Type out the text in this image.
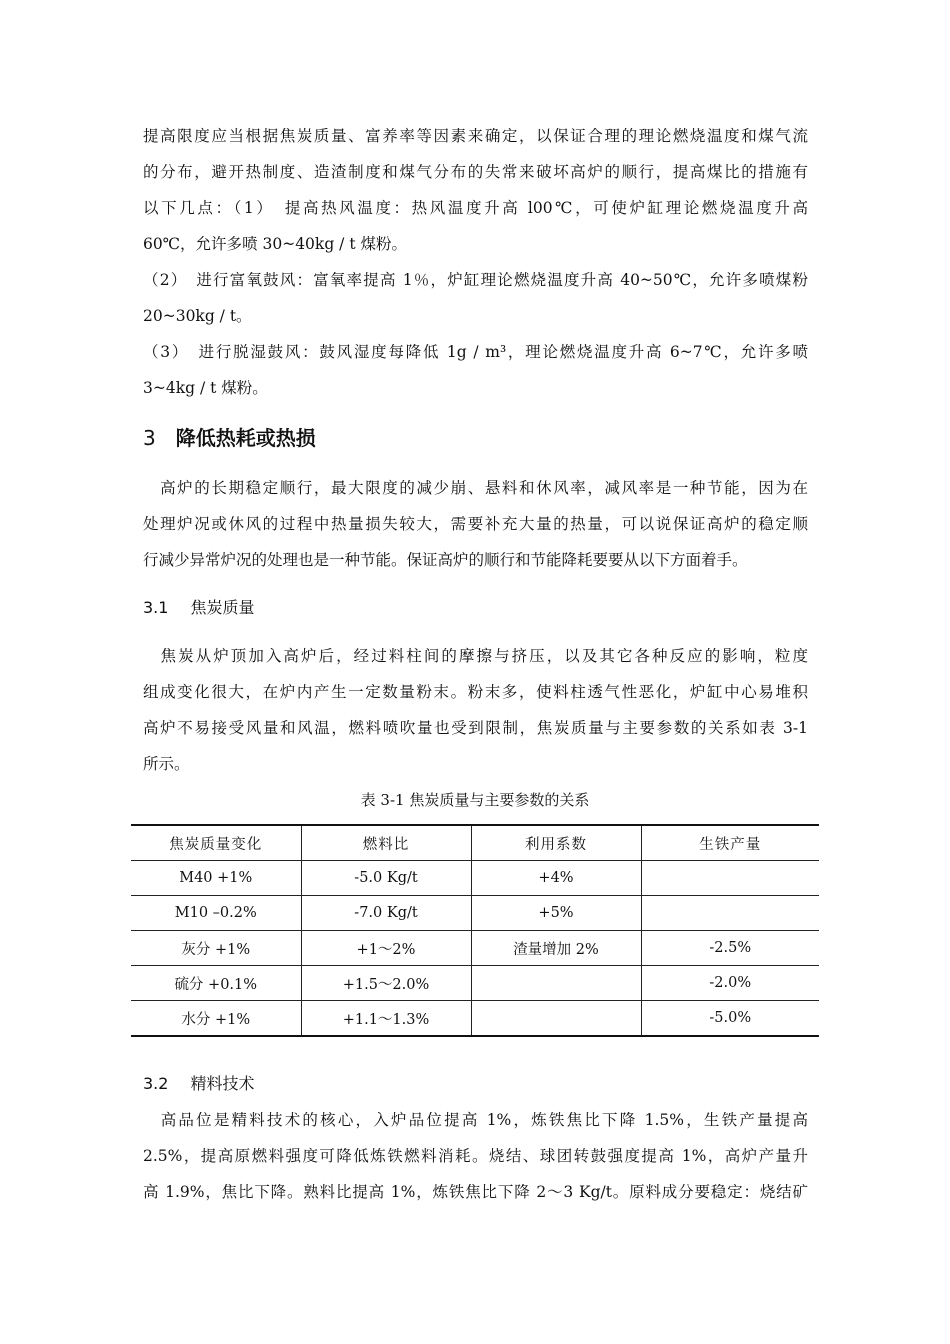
提高限度应当根据焦炭质量、富养率等因素来确定，以保证合理的理论燃烧温度和煤气流
的分布，避开热制度、造渣制度和煤气分布的失常来破坏高炉的顺行，提高煤比的措施有
以下几点：（1）　提高热风温度：热风温度升高 l00℃，可使炉缸理论燃烧温度升高
60℃，允许多喷 30~40kg / t 煤粉。

（2）　进行富氧鼓风：富氧率提高 1％，炉缸理论燃烧温度升高 40~50℃，允许多喷煤粉
20~30kg / t。

（3）　进行脱湿鼓风：鼓风湿度每降低 1g / m³，理论燃烧温度升高 6~7℃，允许多喷
3~4kg / t 煤粉。

3 降低热耗或热损

　高炉的长期稳定顺行，最大限度的减少崩、悬料和休风率，减风率是一种节能，因为在
处理炉况或休风的过程中热量损失较大，需要补充大量的热量，可以说保证高炉的稳定顺
行减少异常炉况的处理也是一种节能。保证高炉的顺行和节能降耗要要从以下方面着手。

3.1 焦炭质量

　焦炭从炉顶加入高炉后，经过料柱间的摩擦与挤压，以及其它各种反应的影响，粒度
组成变化很大，在炉内产生一定数量粉末。粉末多，使料柱透气性恶化，炉缸中心易堆积
高炉不易接受风量和风温，燃料喷吹量也受到限制，焦炭质量与主要参数的关系如表 3-1
所示。

表 3-1 焦炭质量与主要参数的关系
焦炭质量变化	燃料比	利用系数	生铁产量
M40 +1%	-5.0 Kg/t	+4%	
M10 –0.2%	-7.0 Kg/t	+5%	
灰分 +1%	+1～2%	渣量增加 2%	-2.5%
硫分 +0.1%	+1.5～2.0%		-2.0%
水分 +1%	+1.1～1.3%		-5.0%
3.2 精料技术

　高品位是精料技术的核心，入炉品位提高 1%，炼铁焦比下降 1.5%，生铁产量提高
2.5%，提高原燃料强度可降低炼铁燃料消耗。烧结、球团转鼓强度提高 1%，高炉产量升
高 1.9%，焦比下降。熟料比提高 1%，炼铁焦比下降 2～3 Kg/t。原料成分要稳定：烧结矿
